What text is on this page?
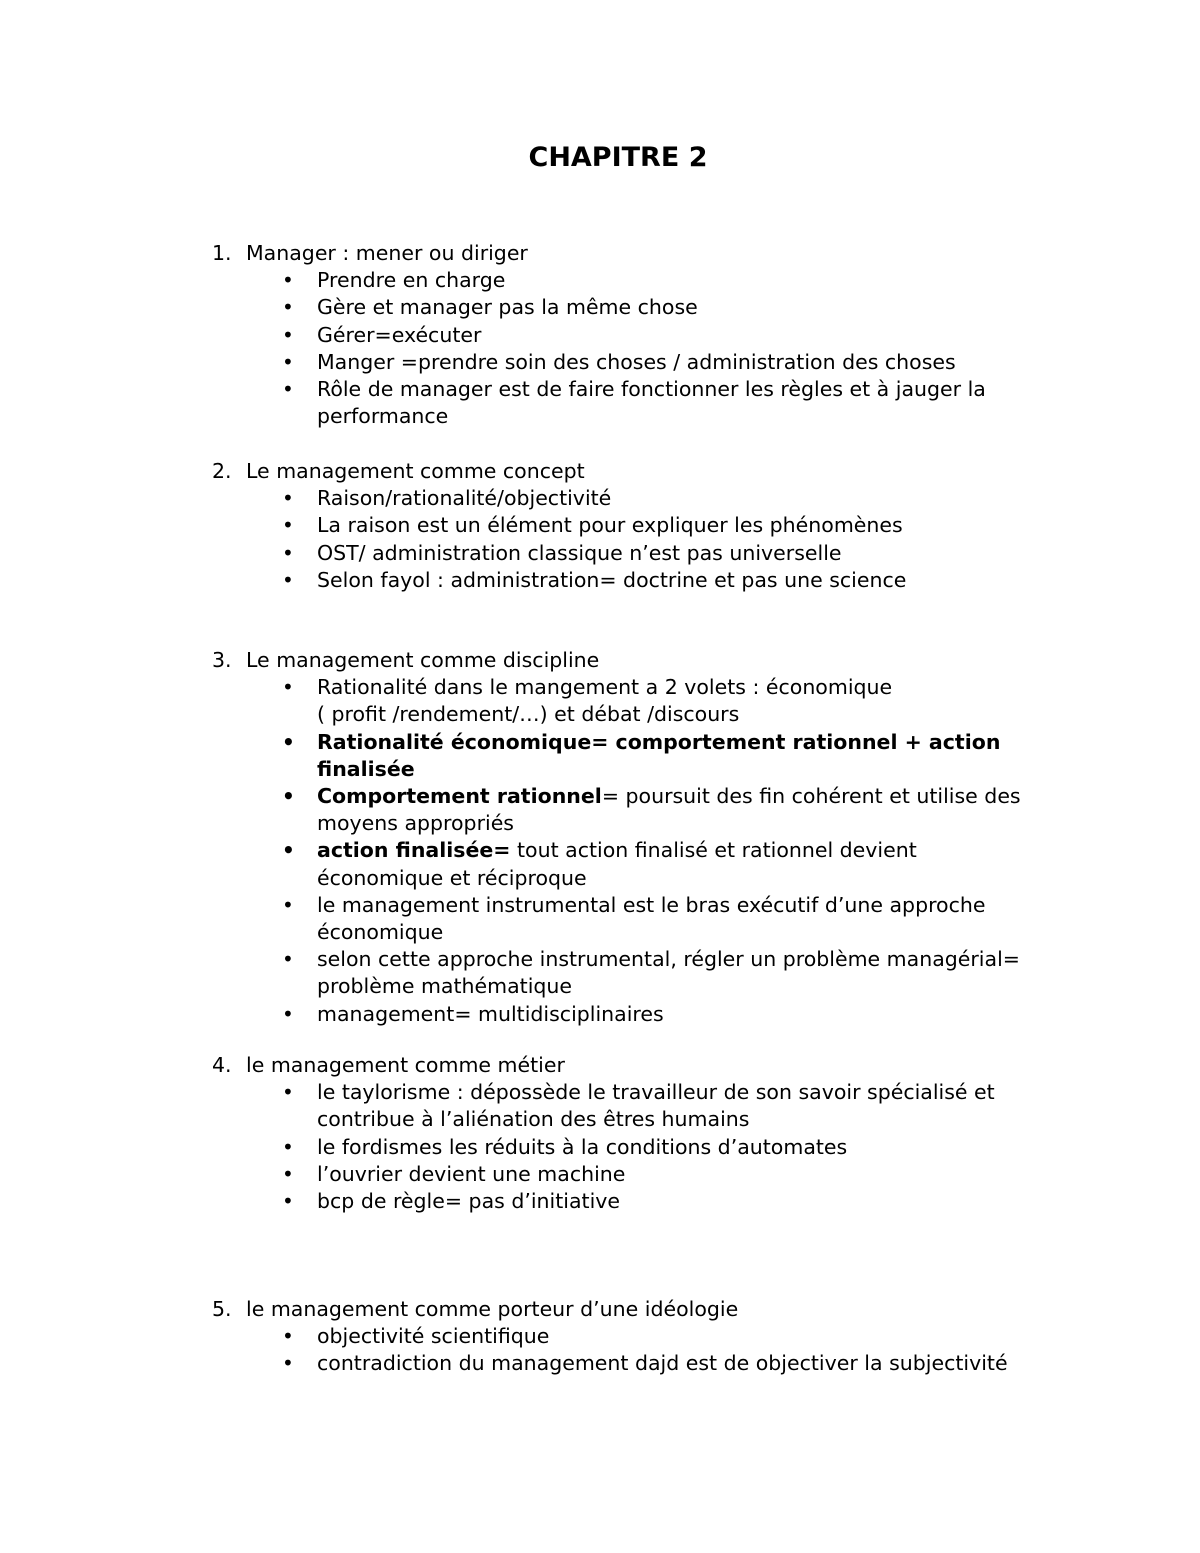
CHAPITRE 2
1. Manager : mener ou diriger
• Prendre en charge
• Gère et manager pas la même chose
• Gérer=exécuter
• Manger =prendre soin des choses / administration des choses
• Rôle de manager est de faire fonctionner les règles et à jauger la performance
2. Le management comme concept
• Raison/rationalité/objectivité
• La raison est un élément pour expliquer les phénomènes
• OST/ administration classique n’est pas universelle
• Selon fayol : administration= doctrine et pas une science
3. Le management comme discipline
• Rationalité dans le mangement a 2 volets : économique
( profit /rendement/…) et débat /discours
• Rationalité économique= comportement rationnel + action finalisée
• Comportement rationnel= poursuit des fin cohérent et utilise des moyens appropriés
• action finalisée= tout action finalisé et rationnel devient économique et réciproque
• le management instrumental est le bras exécutif d’une approche économique
• selon cette approche instrumental, régler un problème managérial= problème mathématique
• management= multidisciplinaires
4. le management comme métier
• le taylorisme : dépossède le travailleur de son savoir spécialisé et contribue à l’aliénation des êtres humains
• le fordismes les réduits à la conditions d’automates
• l’ouvrier devient une machine
• bcp de règle= pas d’initiative
5. le management comme porteur d’une idéologie
• objectivité scientifique
• contradiction du management dajd est de objectiver la subjectivité
